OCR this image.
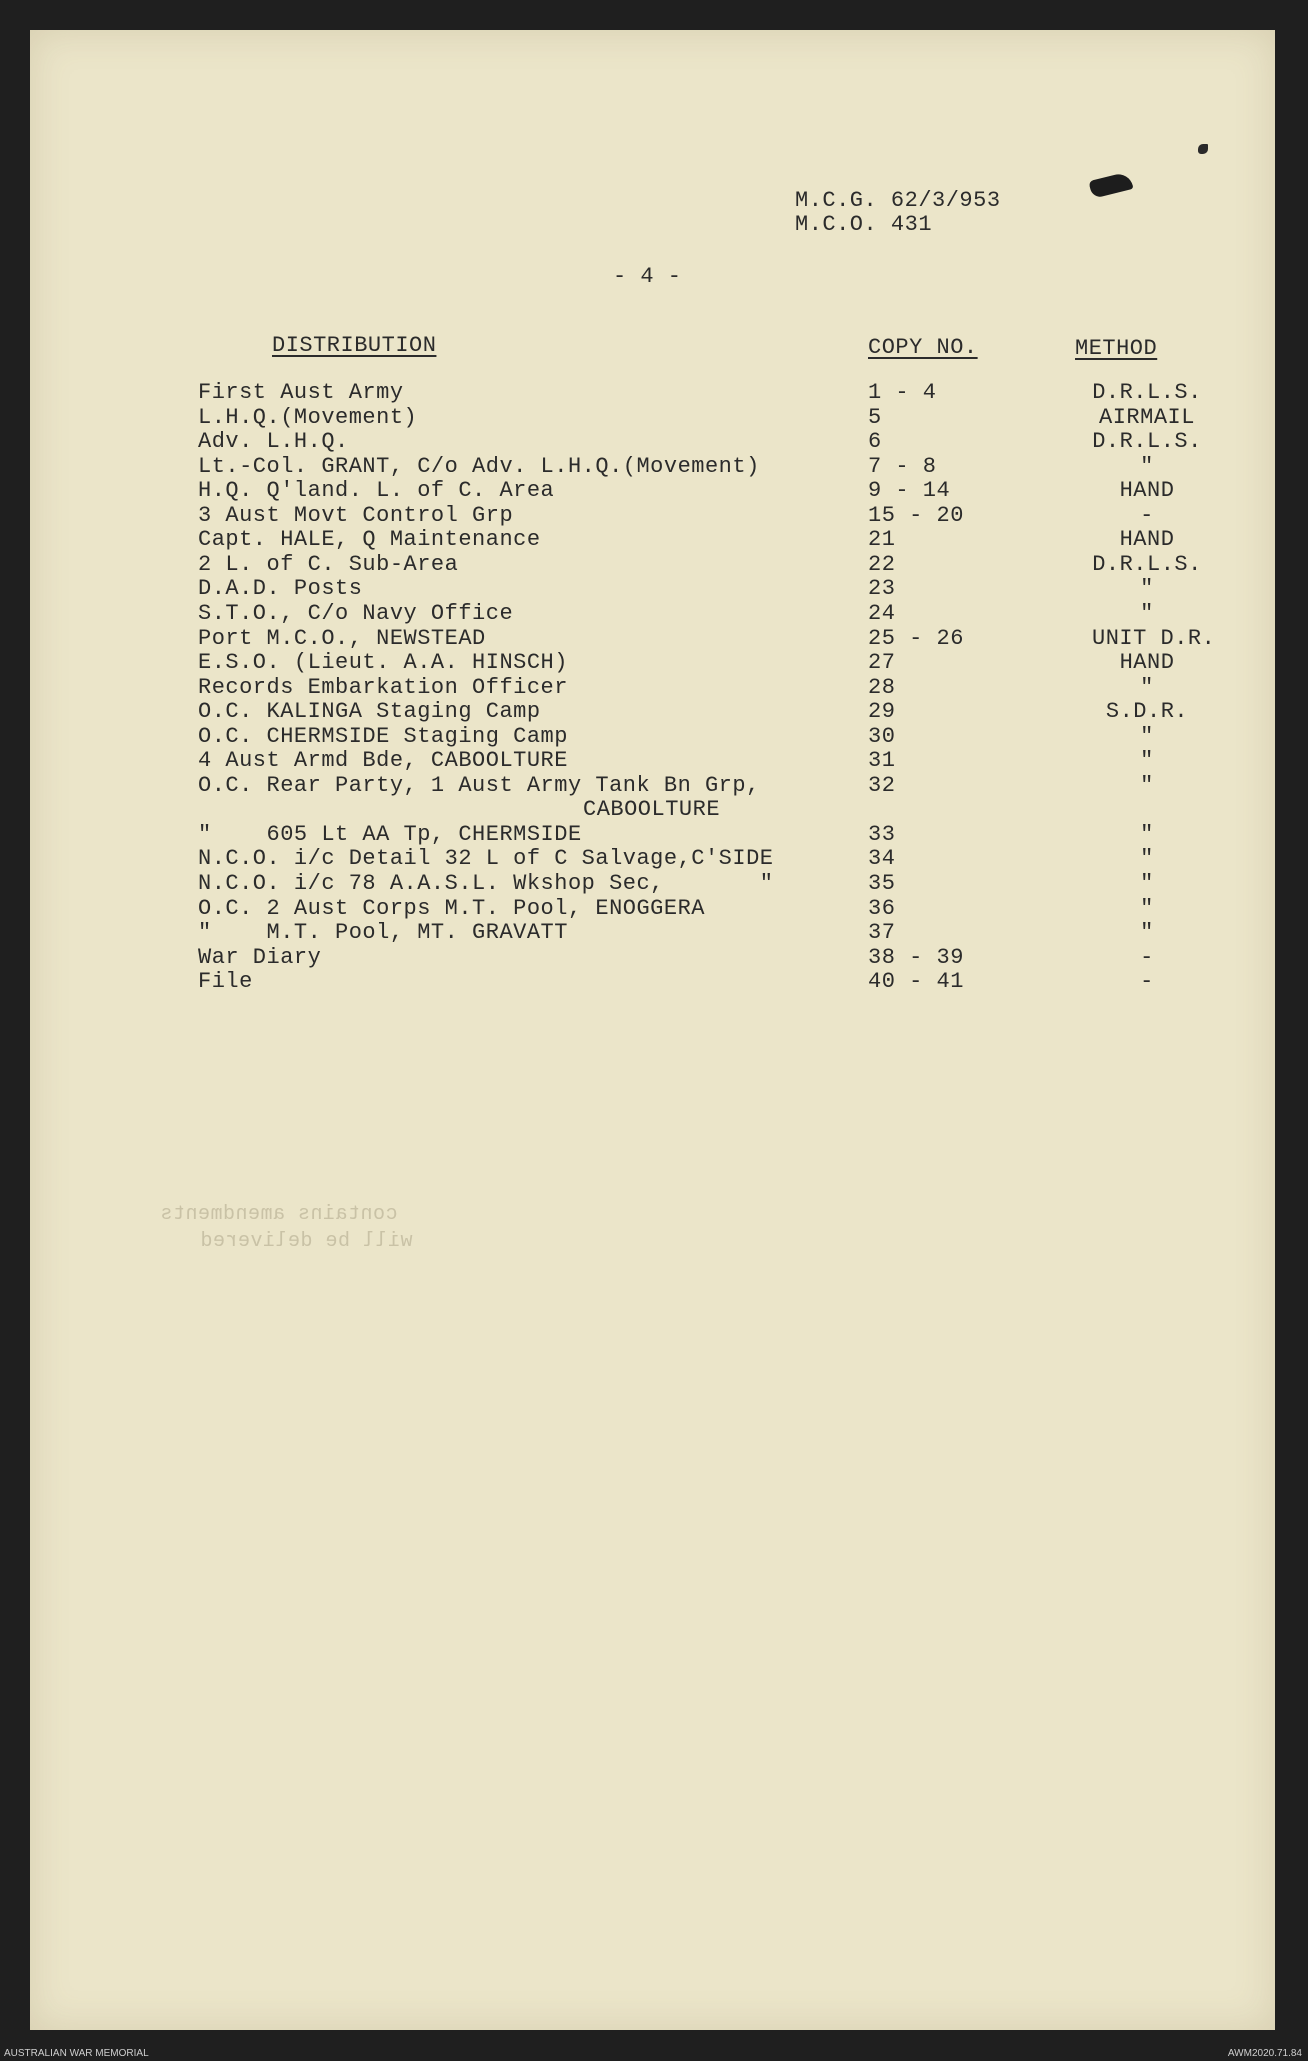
M.C.G. 62/3/953
M.C.O. 431
- 4 -
DISTRIBUTION	COPY NO.	METHOD
First Aust Army	1 - 4	D.R.L.S.
L.H.Q.(Movement)	5	AIRMAIL
Adv. L.H.Q.	6	D.R.L.S.
Lt.-Col. GRANT, C/o Adv. L.H.Q.(Movement)	7 - 8	"
H.Q. Q'land. L. of C. Area	9 - 14	HAND
3 Aust Movt Control Grp	15 - 20	-
Capt. HALE, Q Maintenance	21	HAND
2 L. of C. Sub-Area	22	D.R.L.S.
D.A.D. Posts	23	"
S.T.O., C/o Navy Office	24	"
Port M.C.O., NEWSTEAD	25 - 26	UNIT D.R.
E.S.O. (Lieut. A.A. HINSCH)	27	HAND
Records Embarkation Officer	28	"
O.C. KALINGA Staging Camp	29	S.D.R.
O.C. CHERMSIDE Staging Camp	30	"
4 Aust Armd Bde, CABOOLTURE	31	"
O.C. Rear Party, 1 Aust Army Tank Bn Grp,	32	"
CABOOLTURE
"    605 Lt AA Tp, CHERMSIDE	33	"
N.C.O. i/c Detail 32 L of C Salvage,C'SIDE	34	"
N.C.O. i/c 78 A.A.S.L. Wkshop Sec,       "	35	"
O.C. 2 Aust Corps M.T. Pool, ENOGGERA	36	"
"    M.T. Pool, MT. GRAVATT	37	"
War Diary	38 - 39	-
File	40 - 41	-
contains amendments
will be delivered
AUSTRALIAN WAR MEMORIAL	AWM2020.71.84
